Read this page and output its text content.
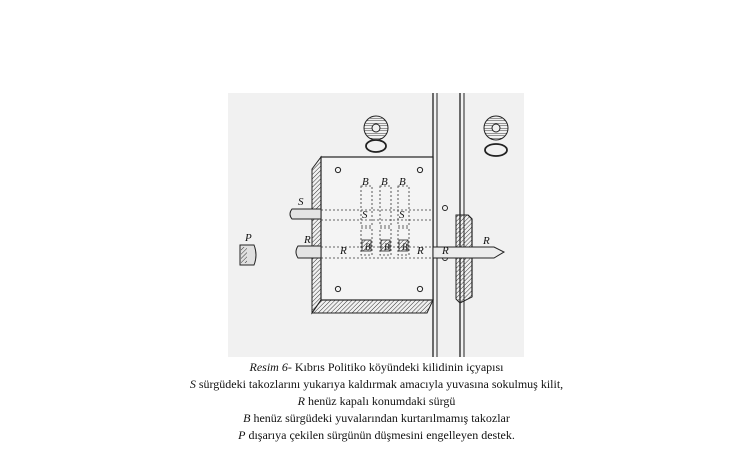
S
S	S
B B B
B B B
R
R	R R
R
P
Resim 6- Kıbrıs Politiko köyündeki kilidinin içyapısı
S sürgüdeki takozlarını yukarıya kaldırmak amacıyla yuvasına sokulmuş kilit,
R henüz kapalı konumdaki sürgü
B henüz sürgüdeki yuvalarından kurtarılmamış takozlar
P dışarıya çekilen sürgünün düşmesini engelleyen destek.
